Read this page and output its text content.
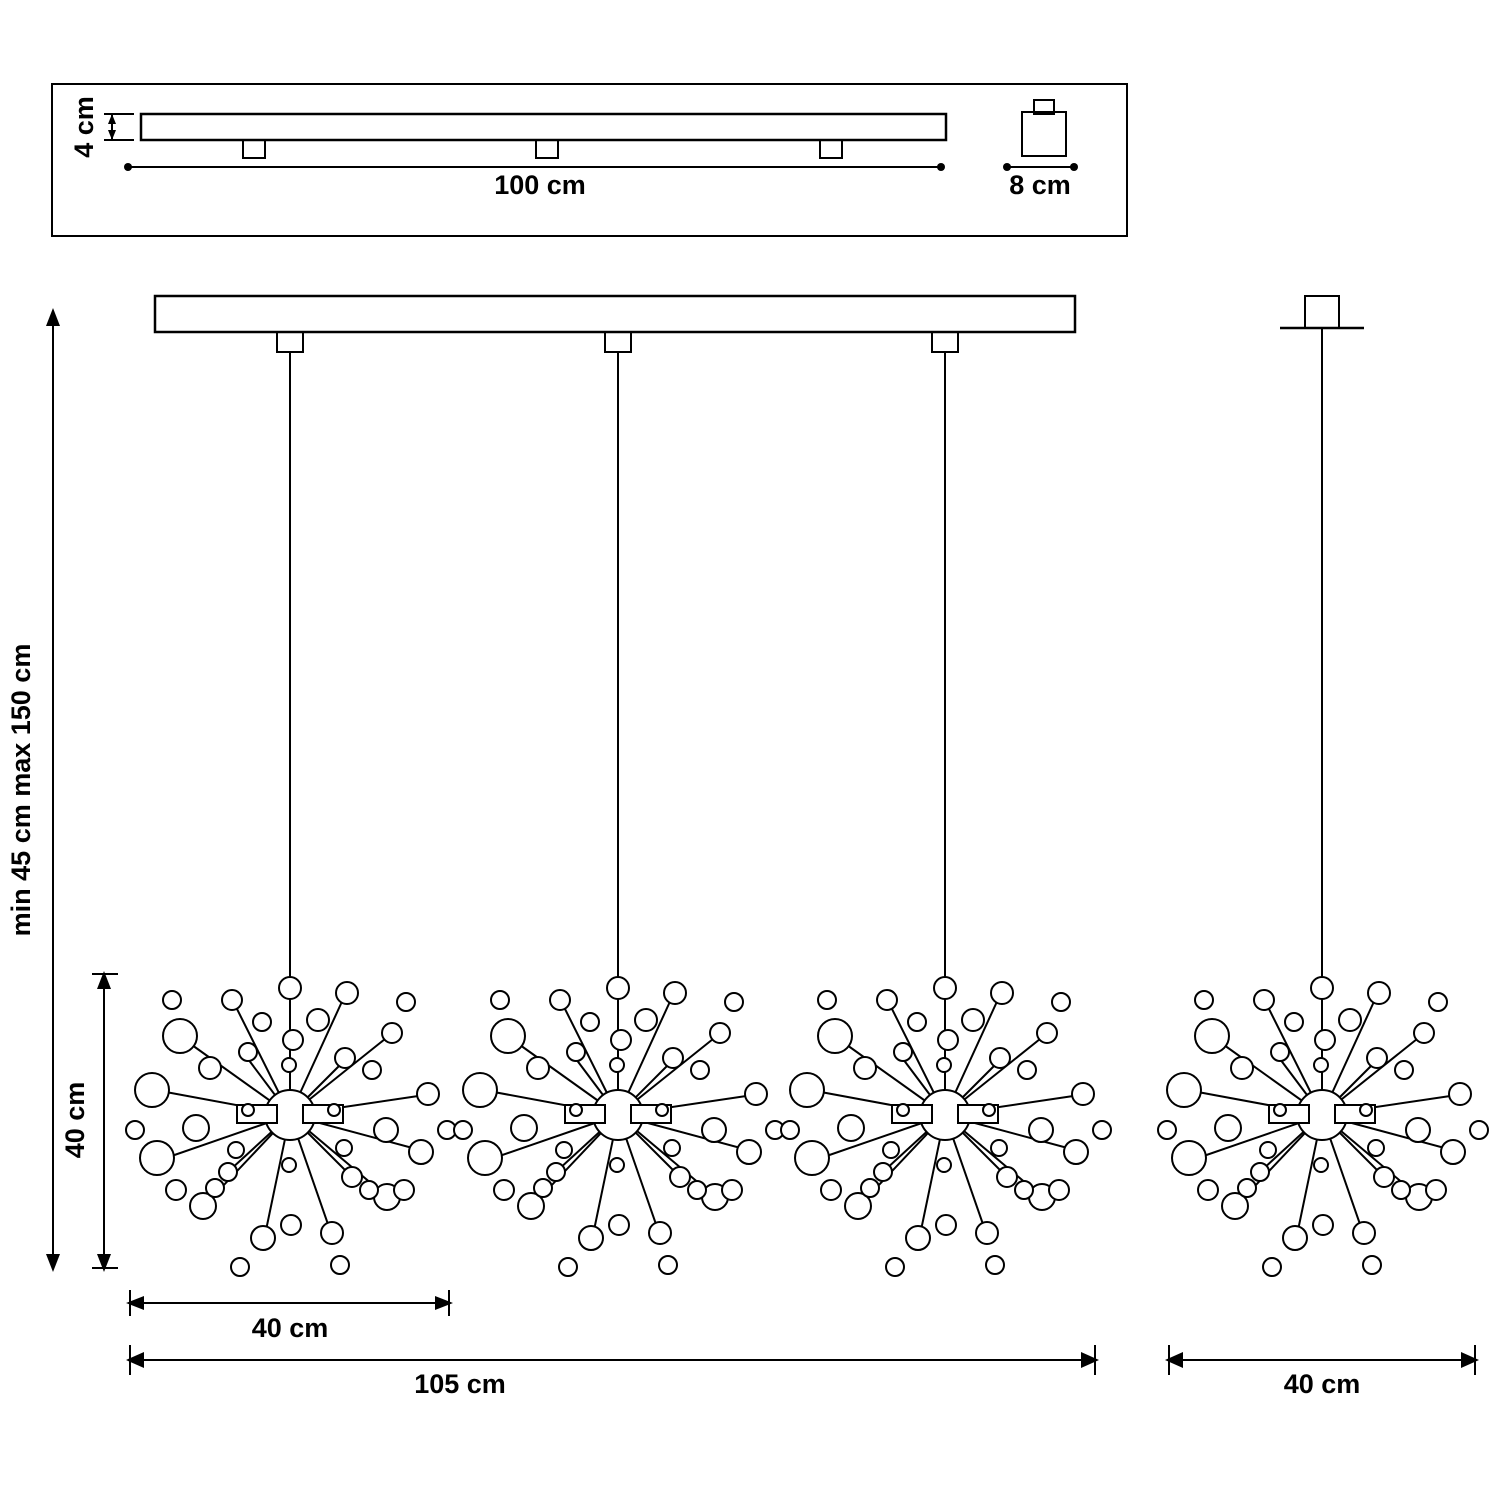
4 cm
100 cm	8 cm
min 45 cm max 150 cm
40 cm
40 cm
105 cm	40 cm
